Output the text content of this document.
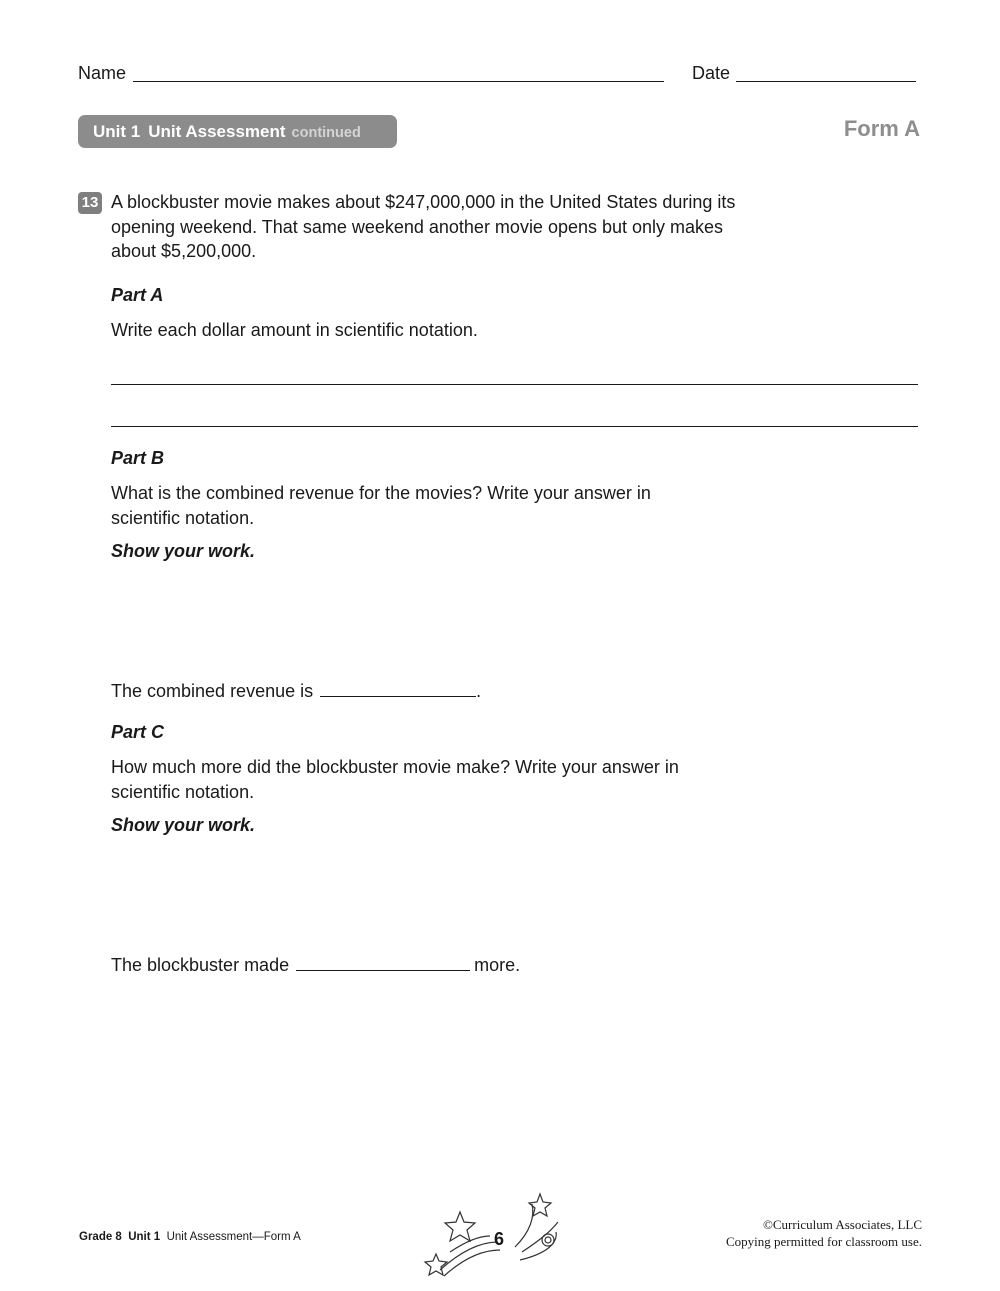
Name	Date
Unit 1 Unit Assessment continued	Form A
13 A blockbuster movie makes about $247,000,000 in the United States during its
opening weekend. That same weekend another movie opens but only makes
about $5,200,000.
Part A
Write each dollar amount in scientific notation.
Part B
What is the combined revenue for the movies? Write your answer in
scientific notation.
Show your work.
The combined revenue is	.
Part C
How much more did the blockbuster movie make? Write your answer in
scientific notation.
Show your work.
The blockbuster made	more.
Grade 8 Unit 1 Unit Assessment—Form A	6
©Curriculum Associates, LLC
Copying permitted for classroom use.
